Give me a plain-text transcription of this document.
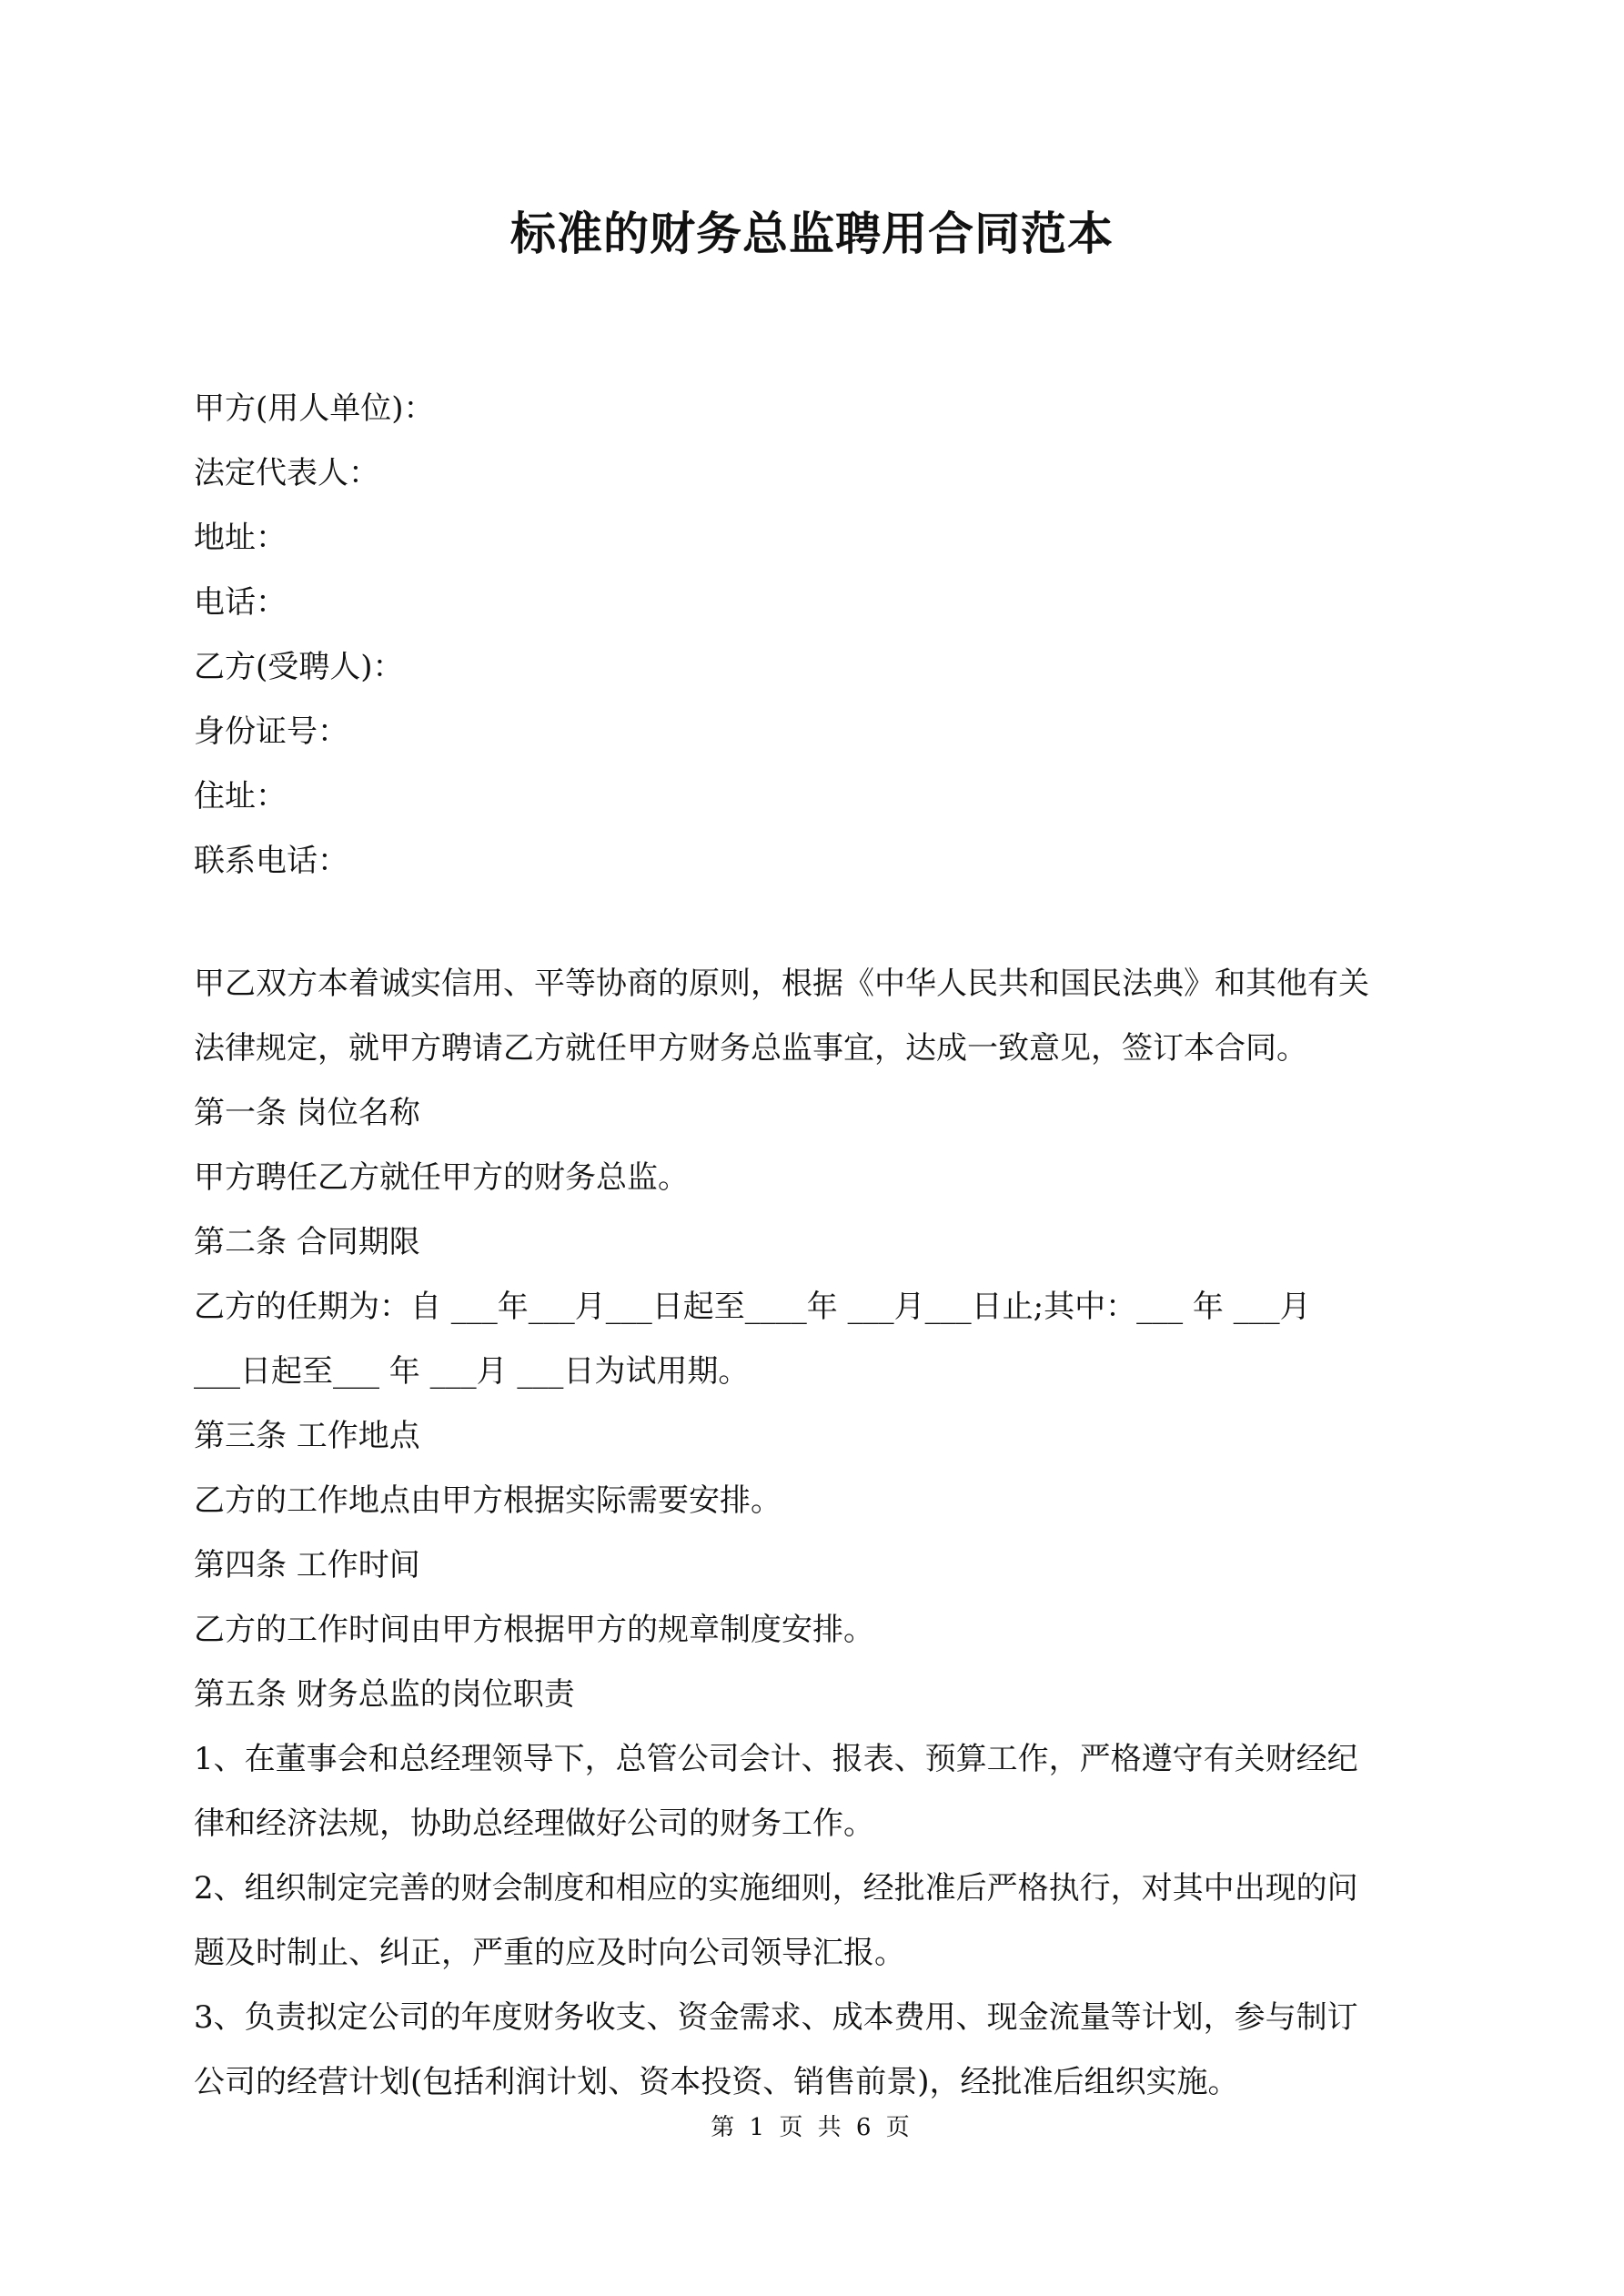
标准的财务总监聘用合同范本
甲方(用人单位)：
法定代表人：
地址：
电话：
乙方(受聘人)：
身份证号：
住址：
联系电话：
甲乙双方本着诚实信用、平等协商的原则，根据《中华人民共和国民法典》和其他有关
法律规定，就甲方聘请乙方就任甲方财务总监事宜，达成一致意见，签订本合同。
第一条 岗位名称
甲方聘任乙方就任甲方的财务总监。
第二条 合同期限
乙方的任期为：自 ___年___月___日起至____年 ___月___日止;其中：___ 年 ___月
___日起至___ 年 ___月 ___日为试用期。
第三条 工作地点
乙方的工作地点由甲方根据实际需要安排。
第四条 工作时间
乙方的工作时间由甲方根据甲方的规章制度安排。
第五条 财务总监的岗位职责
1、在董事会和总经理领导下，总管公司会计、报表、预算工作，严格遵守有关财经纪
律和经济法规，协助总经理做好公司的财务工作。
2、组织制定完善的财会制度和相应的实施细则，经批准后严格执行，对其中出现的问
题及时制止、纠正，严重的应及时向公司领导汇报。
3、负责拟定公司的年度财务收支、资金需求、成本费用、现金流量等计划，参与制订
公司的经营计划(包括利润计划、资本投资、销售前景)，经批准后组织实施。
第 1 页 共 6 页
